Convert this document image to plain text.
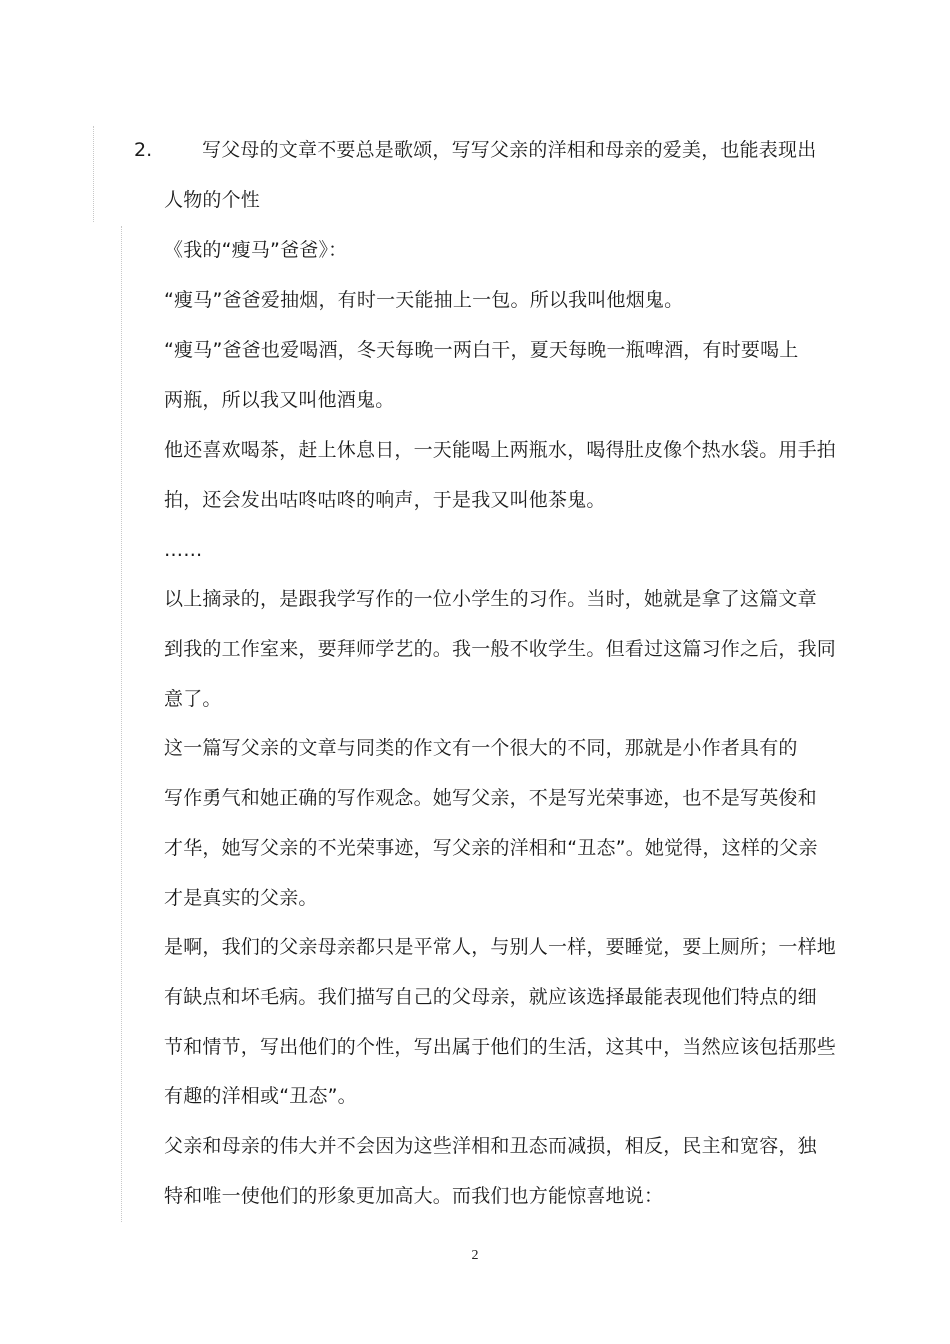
2.	写父母的文章不要总是歌颂，写写父亲的洋相和母亲的爱美，也能表现出
人物的个性
《我的“瘦马”爸爸》：
“瘦马”爸爸爱抽烟，有时一天能抽上一包。所以我叫他烟鬼。
“瘦马”爸爸也爱喝酒，冬天每晚一两白干，夏天每晚一瓶啤酒，有时要喝上
两瓶，所以我又叫他酒鬼。
他还喜欢喝茶，赶上休息日，一天能喝上两瓶水，喝得肚皮像个热水袋。用手拍
拍，还会发出咕咚咕咚的响声，于是我又叫他茶鬼。
……
以上摘录的，是跟我学写作的一位小学生的习作。当时，她就是拿了这篇文章
到我的工作室来，要拜师学艺的。我一般不收学生。但看过这篇习作之后，我同
意了。
这一篇写父亲的文章与同类的作文有一个很大的不同，那就是小作者具有的
写作勇气和她正确的写作观念。她写父亲，不是写光荣事迹，也不是写英俊和
才华，她写父亲的不光荣事迹，写父亲的洋相和“丑态”。她觉得，这样的父亲
才是真实的父亲。
是啊，我们的父亲母亲都只是平常人，与别人一样，要睡觉，要上厕所；一样地
有缺点和坏毛病。我们描写自己的父母亲，就应该选择最能表现他们特点的细
节和情节，写出他们的个性，写出属于他们的生活，这其中，当然应该包括那些
有趣的洋相或“丑态”。
父亲和母亲的伟大并不会因为这些洋相和丑态而减损，相反，民主和宽容，独
特和唯一使他们的形象更加高大。而我们也方能惊喜地说：
2
